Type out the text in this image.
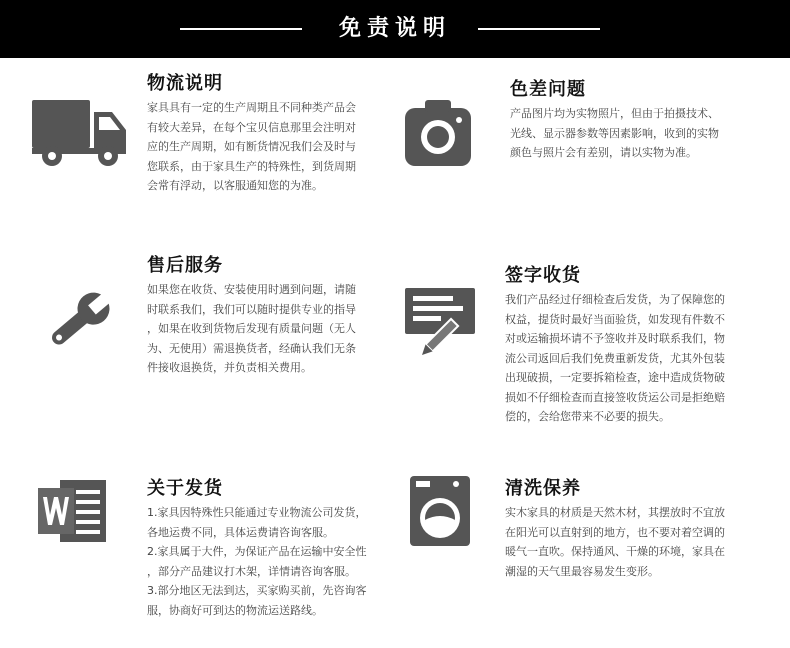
免责说明
物流说明

家具具有一定的生产周期且不同种类产品会
有较大差异，在每个宝贝信息那里会注明对
应的生产周期，如有断货情况我们会及时与
您联系，由于家具生产的特殊性，到货周期
会常有浮动，以客服通知您的为准。

色差问题

产品图片均为实物照片，但由于拍摄技术、
光线、显示器参数等因素影响，收到的实物
颜色与照片会有差别，请以实物为准。

售后服务

如果您在收货、安装使用时遇到问题，请随
时联系我们，我们可以随时提供专业的指导
，如果在收到货物后发现有质量问题（无人
为、无使用）需退换货者，经确认我们无条
件接收退换货，并负责相关费用。

签字收货

我们产品经过仔细检查后发货，为了保障您的
权益，提货时最好当面验货，如发现有件数不
对或运输损坏请不予签收并及时联系我们，物
流公司返回后我们免费重新发货，尤其外包装
出现破损，一定要拆箱检查，途中造成货物破
损如不仔细检查而直接签收货运公司是拒绝赔
偿的，会给您带来不必要的损失。

关于发货

1.家具因特殊性只能通过专业物流公司发货，
各地运费不同，具体运费请咨询客服。
2.家具属于大件，为保证产品在运输中安全性
，部分产品建议打木架，详情请咨询客服。
3.部分地区无法到达，买家购买前，先咨询客
服，协商好可到达的物流运送路线。

清洗保养

实木家具的材质是天然木材，其摆放时不宜放
在阳光可以直射到的地方，也不要对着空调的
暖气一直吹。保持通风、干燥的环境，家具在
潮湿的天气里最容易发生变形。
